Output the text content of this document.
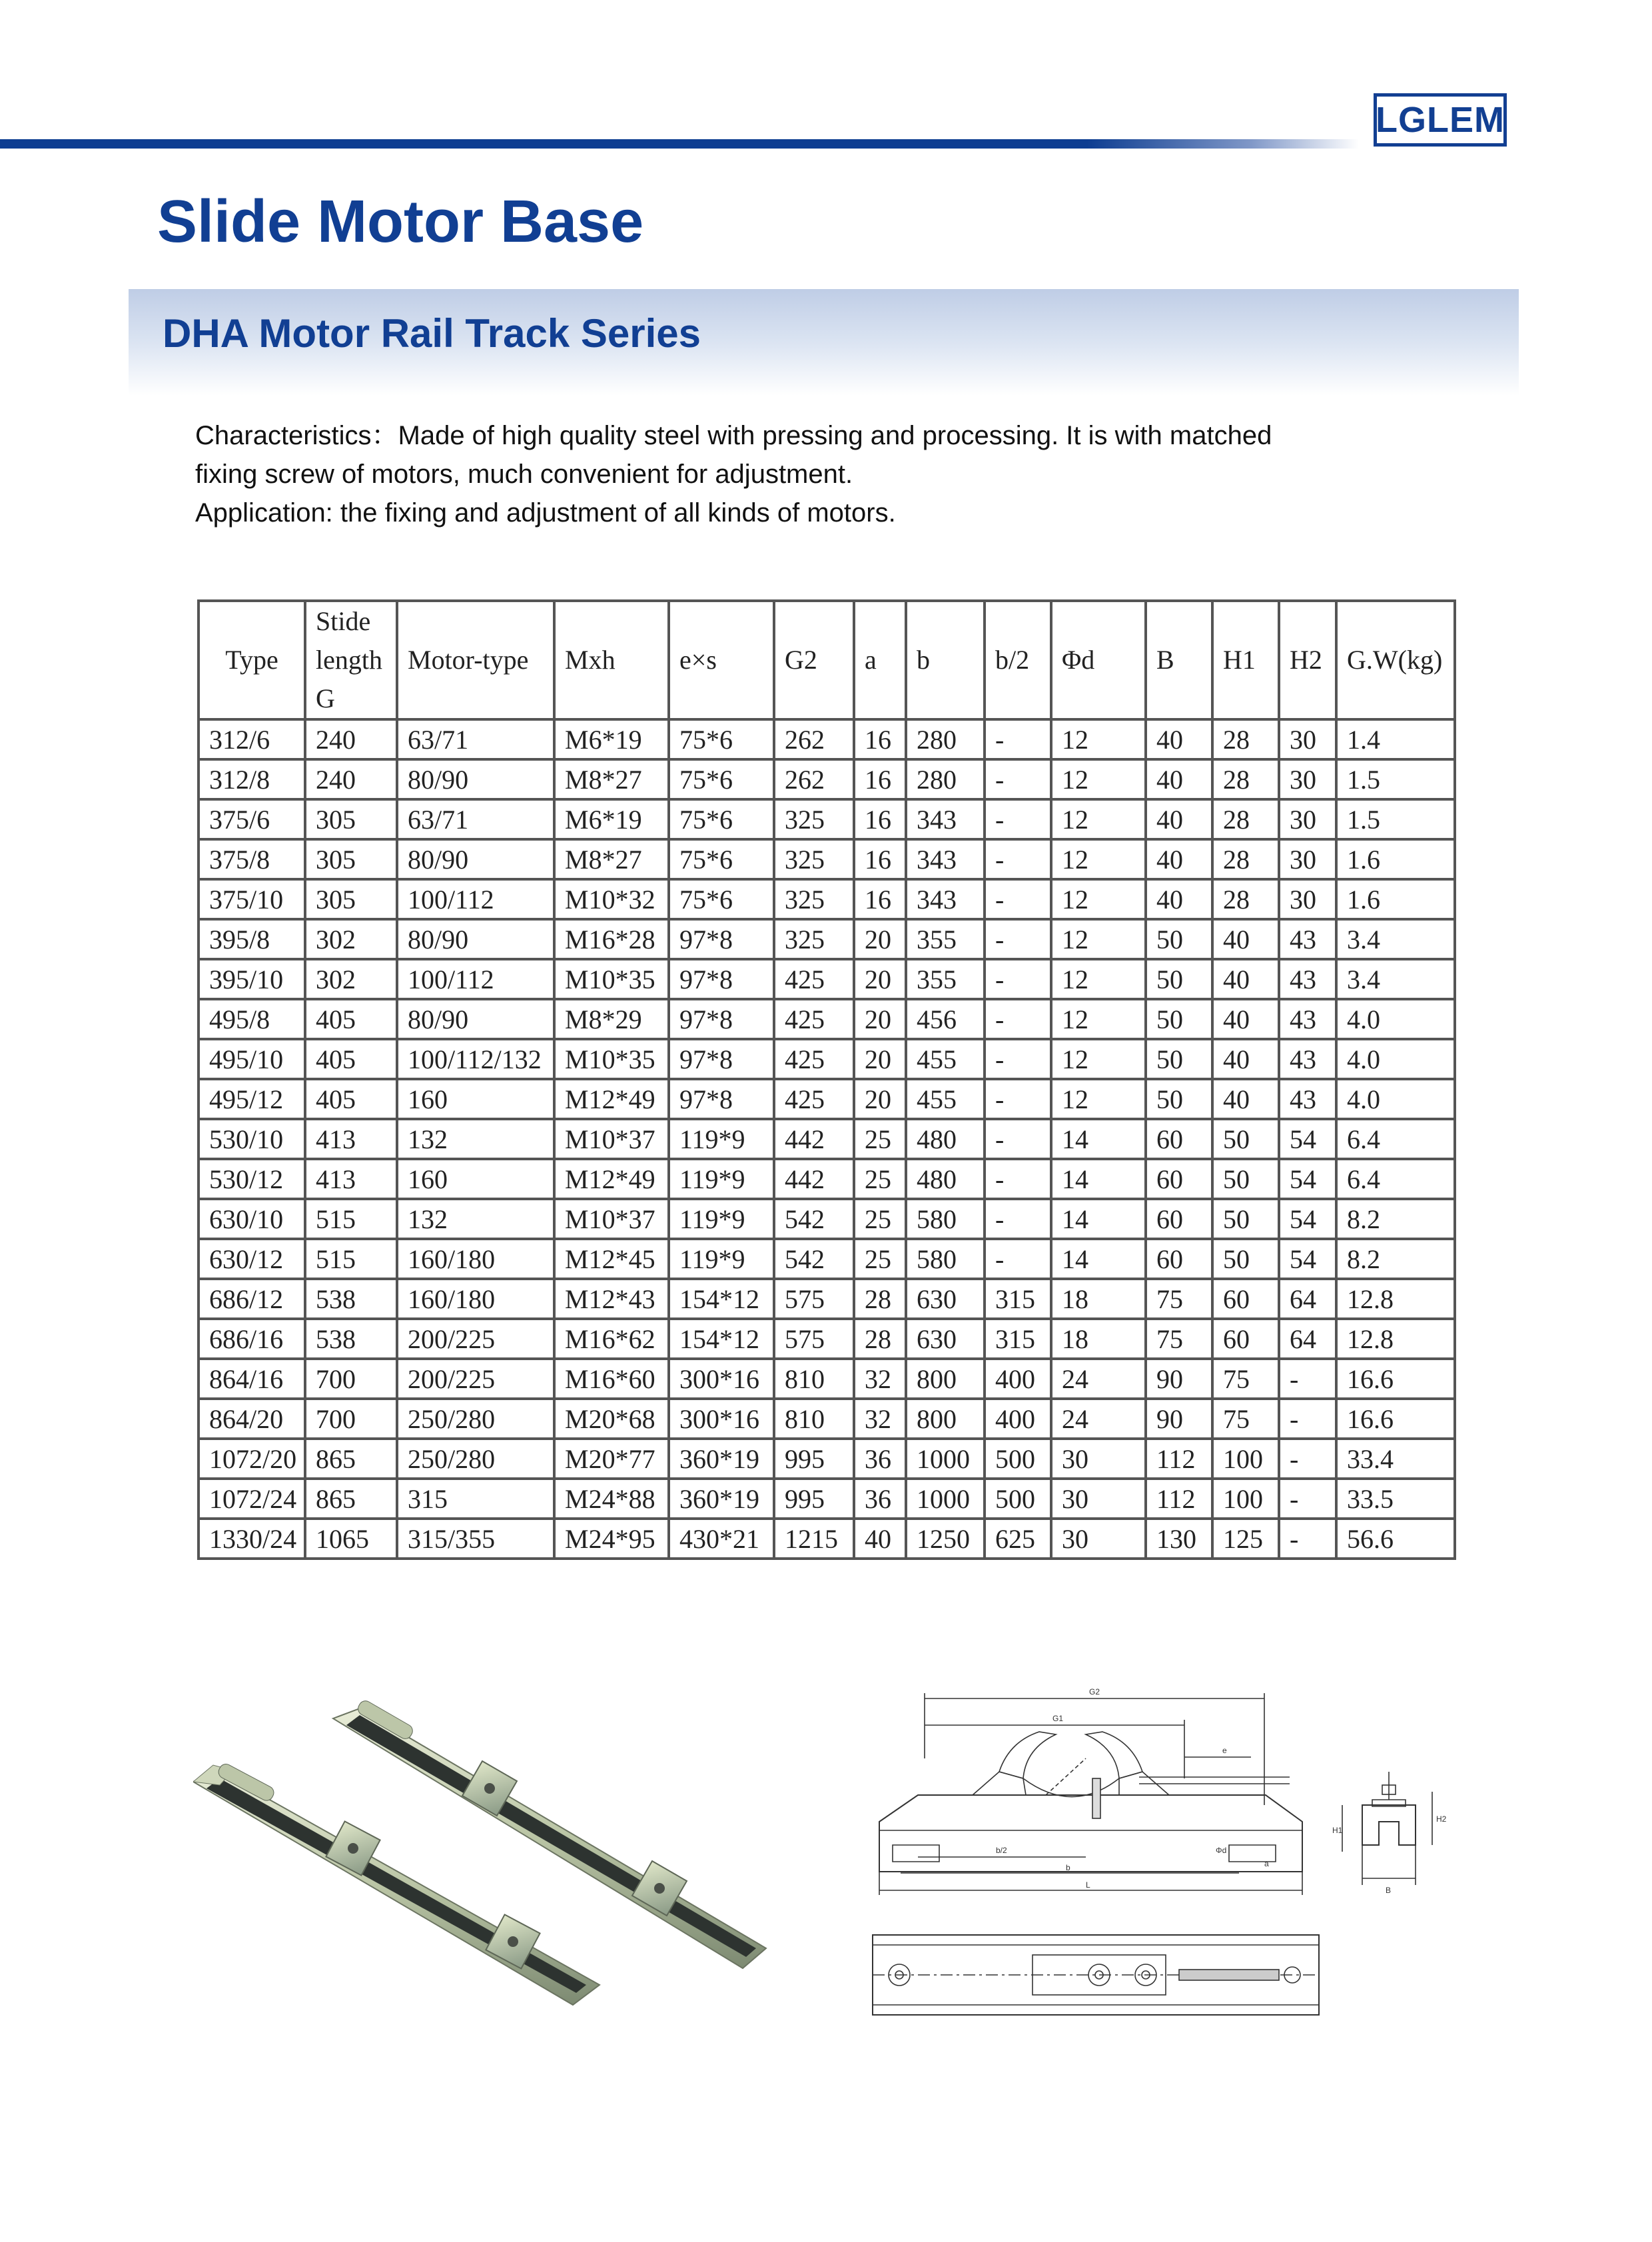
LGLEM
Slide Motor Base
DHA Motor Rail Track Series

Characteristics：Made of high quality steel with pressing and processing. It is with matched

fixing screw of motors, much convenient for adjustment.

Application: the fixing and adjustment of all kinds of motors.

Type	Stide length G	Motor-type	Mxh	e×s	G2	a	b	b/2	Φd	B	H1	H2	G.W(kg)
312/6	240	63/71	M6*19	75*6	262	16	280	-	12	40	28	30	1.4
312/8	240	80/90	M8*27	75*6	262	16	280	-	12	40	28	30	1.5
375/6	305	63/71	M6*19	75*6	325	16	343	-	12	40	28	30	1.5
375/8	305	80/90	M8*27	75*6	325	16	343	-	12	40	28	30	1.6
375/10	305	100/112	M10*32	75*6	325	16	343	-	12	40	28	30	1.6
395/8	302	80/90	M16*28	97*8	325	20	355	-	12	50	40	43	3.4
395/10	302	100/112	M10*35	97*8	425	20	355	-	12	50	40	43	3.4
495/8	405	80/90	M8*29	97*8	425	20	456	-	12	50	40	43	4.0
495/10	405	100/112/132	M10*35	97*8	425	20	455	-	12	50	40	43	4.0
495/12	405	160	M12*49	97*8	425	20	455	-	12	50	40	43	4.0
530/10	413	132	M10*37	119*9	442	25	480	-	14	60	50	54	6.4
530/12	413	160	M12*49	119*9	442	25	480	-	14	60	50	54	6.4
630/10	515	132	M10*37	119*9	542	25	580	-	14	60	50	54	8.2
630/12	515	160/180	M12*45	119*9	542	25	580	-	14	60	50	54	8.2
686/12	538	160/180	M12*43	154*12	575	28	630	315	18	75	60	64	12.8
686/16	538	200/225	M16*62	154*12	575	28	630	315	18	75	60	64	12.8
864/16	700	200/225	M16*60	300*16	810	32	800	400	24	90	75	-	16.6
864/20	700	250/280	M20*68	300*16	810	32	800	400	24	90	75	-	16.6
1072/20	865	250/280	M20*77	360*19	995	36	1000	500	30	112	100	-	33.4
1072/24	865	315	M24*88	360*19	995	36	1000	500	30	112	100	-	33.5
1330/24	1065	315/355	M24*95	430*21	1215	40	1250	625	30	130	125	-	56.6
G2
G1
e
b/2
b
L
Φd
a
H1
H2
B
